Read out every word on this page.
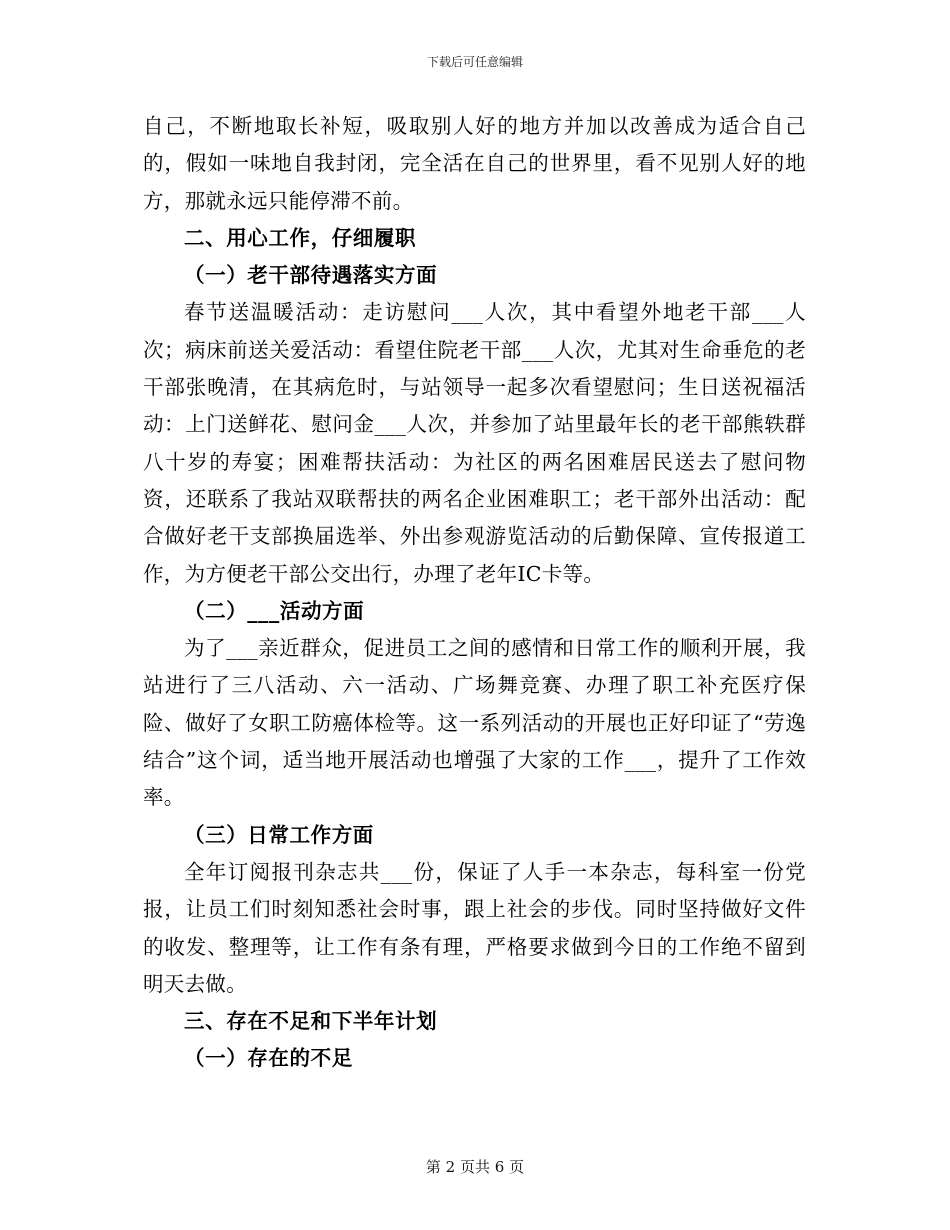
下载后可任意编辑

自己，不断地取长补短，吸取别人好的地方并加以改善成为适合自己的，假如一味地自我封闭，完全活在自己的世界里，看不见别人好的地方，那就永远只能停滞不前。

二、用心工作，仔细履职

（一）老干部待遇落实方面

春节送温暖活动：走访慰问___人次，其中看望外地老干部___人次；病床前送关爱活动：看望住院老干部___人次，尤其对生命垂危的老干部张晚清，在其病危时，与站领导一起多次看望慰问；生日送祝福活动：上门送鲜花、慰问金___人次，并参加了站里最年长的老干部熊轶群八十岁的寿宴；困难帮扶活动：为社区的两名困难居民送去了慰问物资，还联系了我站双联帮扶的两名企业困难职工；老干部外出活动：配合做好老干支部换届选举、外出参观游览活动的后勤保障、宣传报道工作，为方便老干部公交出行，办理了老年IC卡等。

（二）___活动方面

为了___亲近群众，促进员工之间的感情和日常工作的顺利开展，我站进行了三八活动、六一活动、广场舞竞赛、办理了职工补充医疗保险、做好了女职工防癌体检等。这一系列活动的开展也正好印证了“劳逸结合”这个词，适当地开展活动也增强了大家的工作___，提升了工作效率。

（三）日常工作方面

全年订阅报刊杂志共___份，保证了人手一本杂志，每科室一份党报，让员工们时刻知悉社会时事，跟上社会的步伐。同时坚持做好文件的收发、整理等，让工作有条有理，严格要求做到今日的工作绝不留到明天去做。

三、存在不足和下半年计划

（一）存在的不足

第 2 页共 6 页
